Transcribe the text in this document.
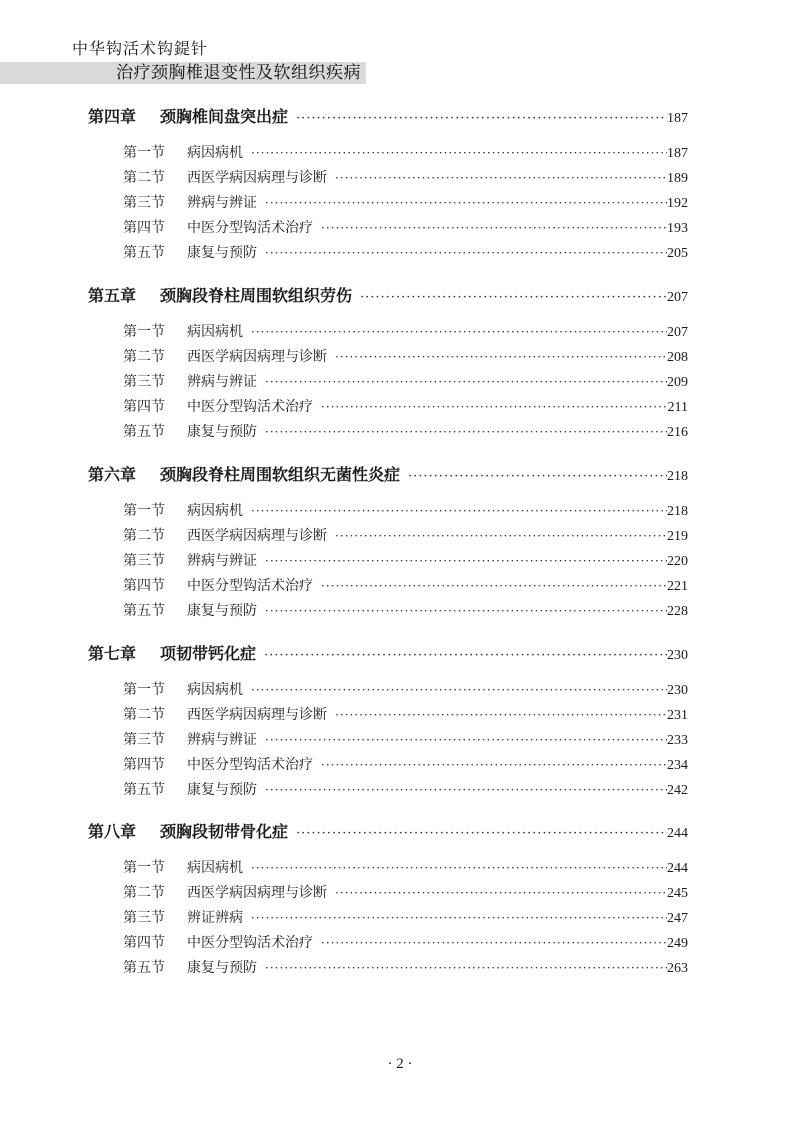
中华钩活术钩鍉针
治疗颈胸椎退变性及软组织疾病
第四章	颈胸椎间盘突出症 ·····	187
第一节	病因病机 ·····	187
第二节	西医学病因病理与诊断 ·····	189
第三节	辨病与辨证 ·····	192
第四节	中医分型钩活术治疗 ·····	193
第五节	康复与预防 ·····	205
第五章	颈胸段脊柱周围软组织劳伤 ·····	207
第一节	病因病机 ·····	207
第二节	西医学病因病理与诊断 ·····	208
第三节	辨病与辨证 ·····	209
第四节	中医分型钩活术治疗 ·····	211
第五节	康复与预防 ·····	216
第六章	颈胸段脊柱周围软组织无菌性炎症 ·····	218
第一节	病因病机 ·····	218
第二节	西医学病因病理与诊断 ·····	219
第三节	辨病与辨证 ·····	220
第四节	中医分型钩活术治疗 ·····	221
第五节	康复与预防 ·····	228
第七章	项韧带钙化症 ·····	230
第一节	病因病机 ·····	230
第二节	西医学病因病理与诊断 ·····	231
第三节	辨病与辨证 ·····	233
第四节	中医分型钩活术治疗 ·····	234
第五节	康复与预防 ·····	242
第八章	颈胸段韧带骨化症 ·····	244
第一节	病因病机 ·····	244
第二节	西医学病因病理与诊断 ·····	245
第三节	辨证辨病 ·····	247
第四节	中医分型钩活术治疗 ·····	249
第五节	康复与预防 ·····	263
· 2 ·
